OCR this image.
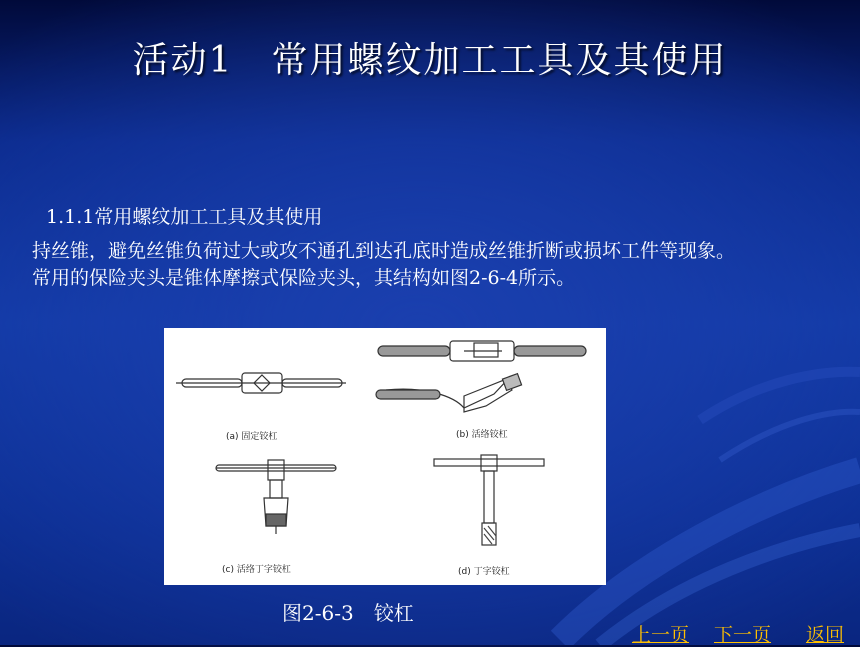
活动1　常用螺纹加工工具及其使用
1.1.1常用螺纹加工工具及其使用
持丝锥，避免丝锥负荷过大或攻不通孔到达孔底时造成丝锥折断或损坏工件等现象。
常用的保险夹头是锥体摩擦式保险夹头，其结构如图2-6-4所示。
(a) 固定铰杠	(b) 活络铰杠
(c) 活络丁字铰杠	(d) 丁字铰杠
图2-6-3　铰杠
上一页 下一页 返回
